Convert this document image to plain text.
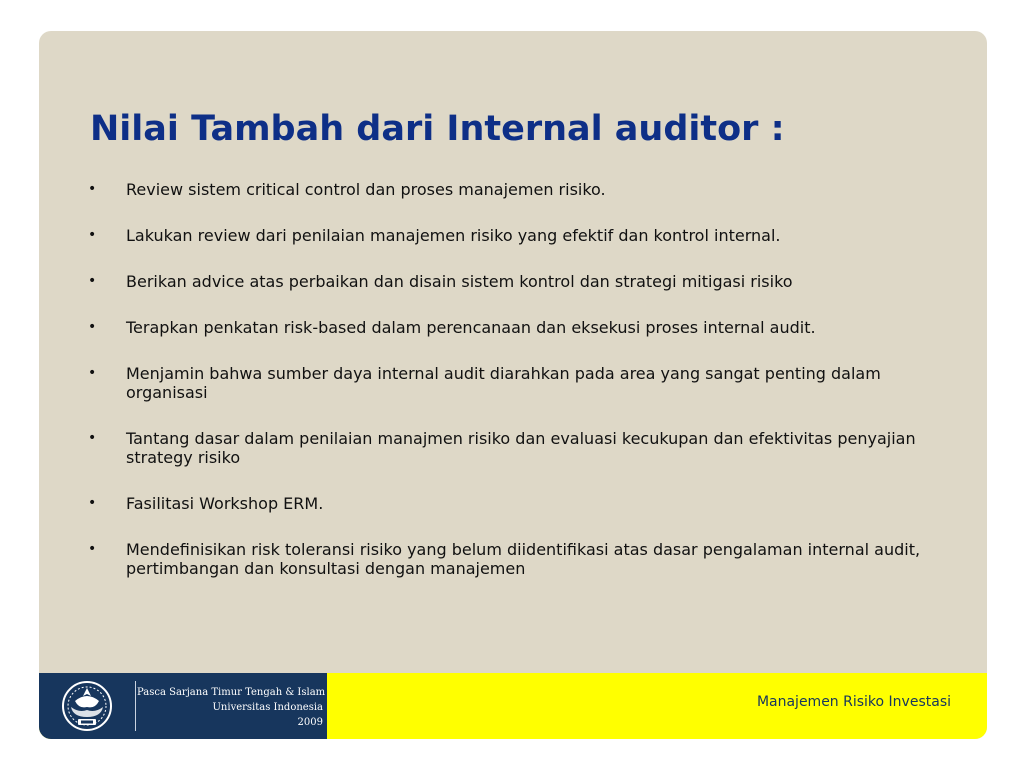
Nilai Tambah dari Internal auditor :
• Review sistem critical control dan proses manajemen risiko.
• Lakukan review dari penilaian manajemen risiko yang efektif dan kontrol internal.
• Berikan advice atas perbaikan dan disain sistem kontrol dan strategi mitigasi risiko
• Terapkan penkatan risk-based dalam perencanaan dan eksekusi proses internal audit.
• Menjamin bahwa sumber daya internal audit diarahkan pada area yang sangat penting dalam organisasi
• Tantang dasar dalam penilaian manajmen risiko dan evaluasi kecukupan dan efektivitas penyajian strategy risiko
• Fasilitasi Workshop ERM.
• Mendefinisikan risk toleransi risiko yang belum diidentifikasi atas dasar pengalaman internal audit, pertimbangan dan konsultasi dengan manajemen
Pasca Sarjana Timur Tengah & Islam
Universitas Indonesia
2009
Manajemen Risiko Investasi
